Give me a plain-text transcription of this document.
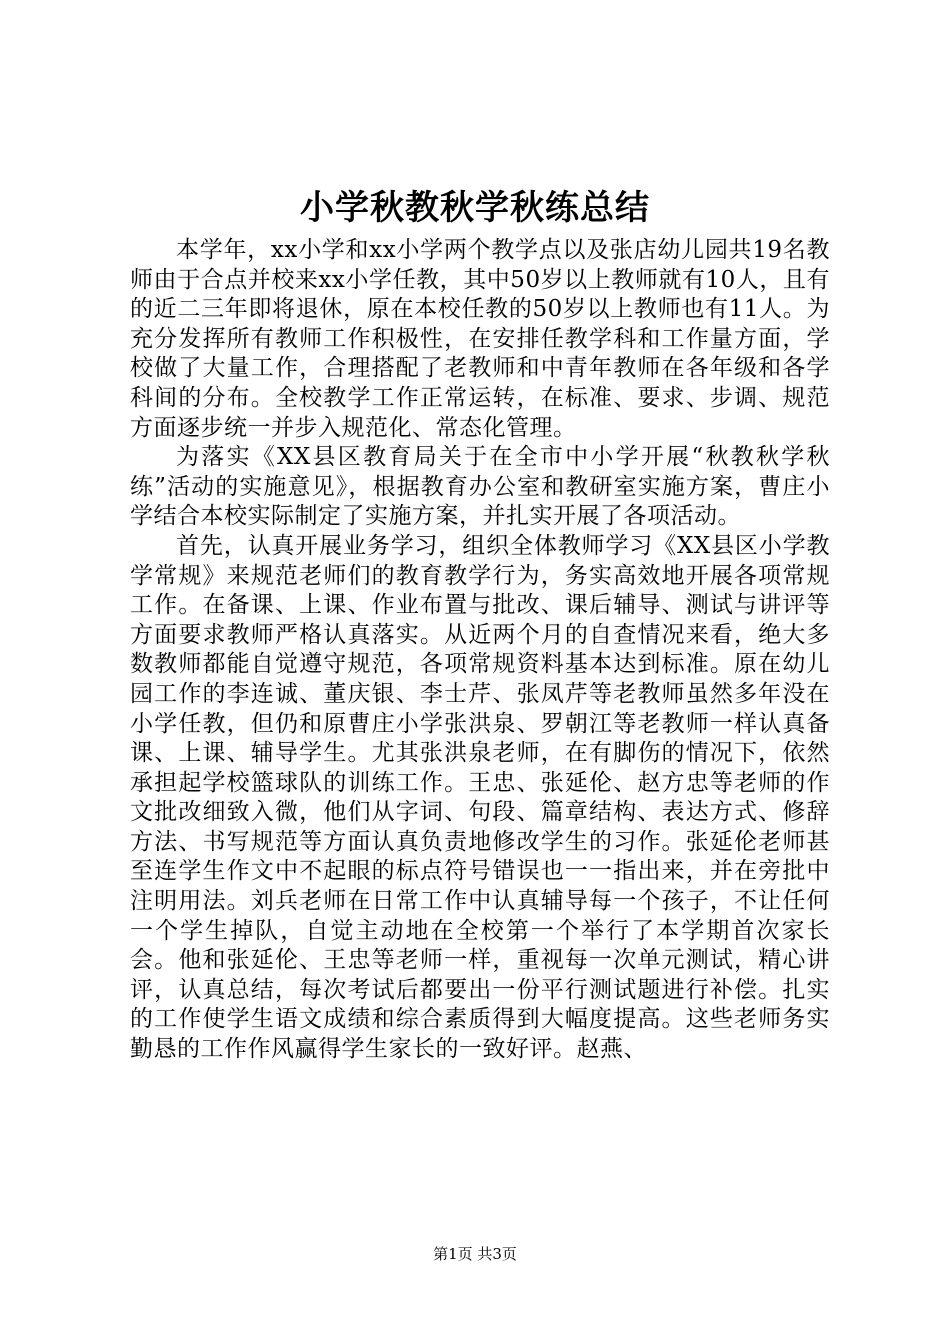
小学秋教秋学秋练总结

本学年，xx小学和xx小学两个教学点以及张店幼儿园共19名教师由于合点并校来xx小学任教，其中50岁以上教师就有10人，且有的近二三年即将退休，原在本校任教的50岁以上教师也有11人。为充分发挥所有教师工作积极性，在安排任教学科和工作量方面，学校做了大量工作，合理搭配了老教师和中青年教师在各年级和各学科间的分布。全校教学工作正常运转，在标准、要求、步调、规范方面逐步统一并步入规范化、常态化管理。

为落实《XX县区教育局关于在全市中小学开展“秋教秋学秋练”活动的实施意见》，根据教育办公室和教研室实施方案，曹庄小学结合本校实际制定了实施方案，并扎实开展了各项活动。

首先，认真开展业务学习，组织全体教师学习《XX县区小学教学常规》来规范老师们的教育教学行为，务实高效地开展各项常规工作。在备课、上课、作业布置与批改、课后辅导、测试与讲评等方面要求教师严格认真落实。从近两个月的自查情况来看，绝大多数教师都能自觉遵守规范，各项常规资料基本达到标准。原在幼儿园工作的李连诚、董庆银、李士芹、张凤芹等老教师虽然多年没在小学任教，但仍和原曹庄小学张洪泉、罗朝江等老教师一样认真备课、上课、辅导学生。尤其张洪泉老师，在有脚伤的情况下，依然承担起学校篮球队的训练工作。王忠、张延伦、赵方忠等老师的作文批改细致入微，他们从字词、句段、篇章结构、表达方式、修辞方法、书写规范等方面认真负责地修改学生的习作。张延伦老师甚至连学生作文中不起眼的标点符号错误也一一指出来，并在旁批中注明用法。刘兵老师在日常工作中认真辅导每一个孩子，不让任何一个学生掉队，自觉主动地在全校第一个举行了本学期首次家长会。他和张延伦、王忠等老师一样，重视每一次单元测试，精心讲评，认真总结，每次考试后都要出一份平行测试题进行补偿。扎实的工作使学生语文成绩和综合素质得到大幅度提高。这些老师务实勤恳的工作作风赢得学生家长的一致好评。赵燕、

第1页 共3页
